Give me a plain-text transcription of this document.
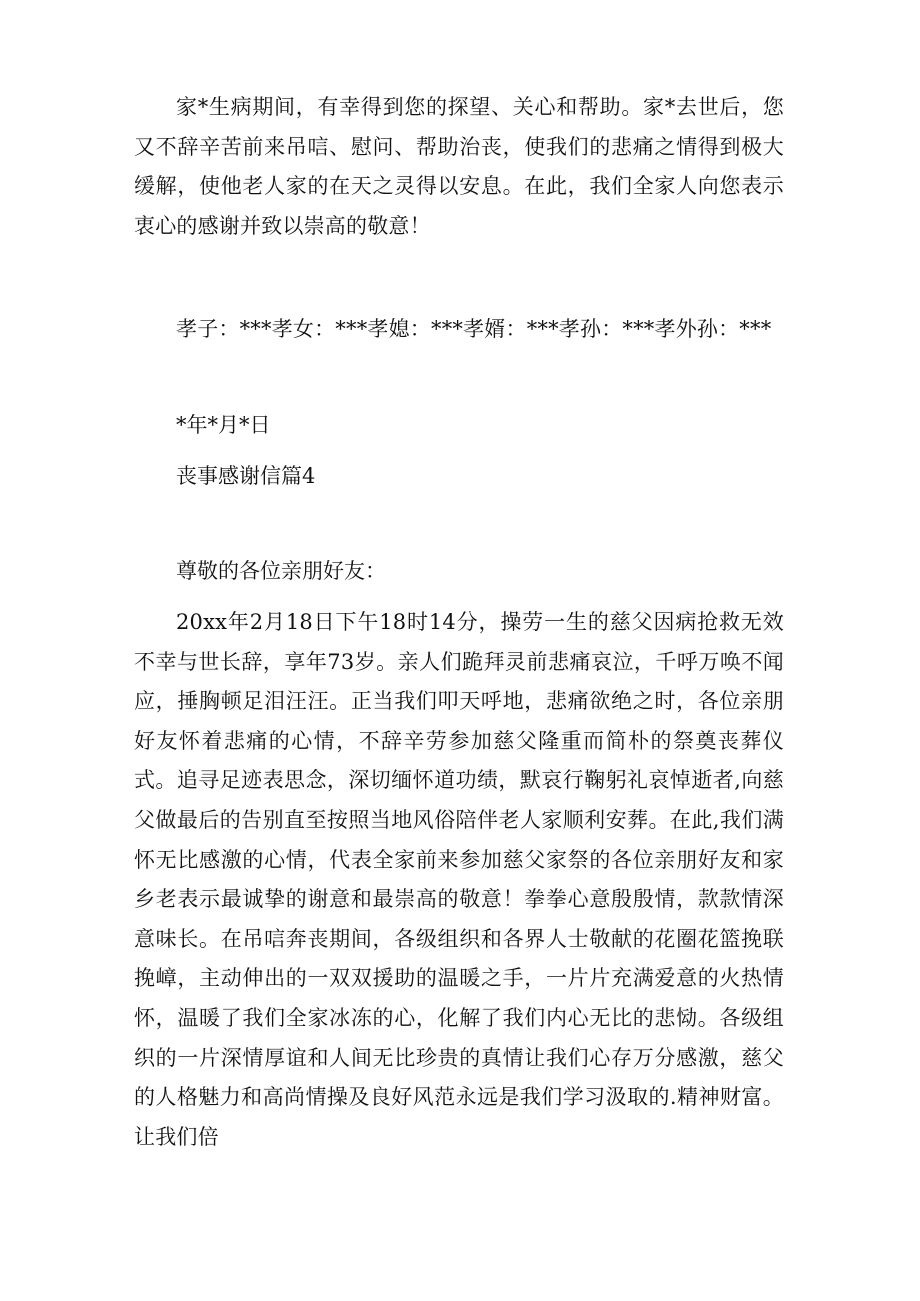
家*生病期间，有幸得到您的探望、关心和帮助。家*去世后，您又不辞辛苦前来吊唁、慰问、帮助治丧，使我们的悲痛之情得到极大缓解，使他老人家的在天之灵得以安息。在此，我们全家人向您表示衷心的感谢并致以崇高的敬意！

孝子：***孝女：***孝媳：***孝婿：***孝孙：***孝外孙：***

*年*月*日

丧事感谢信篇4

尊敬的各位亲朋好友：

20xx年2月18日下午18时14分，操劳一生的慈父因病抢救无效不幸与世长辞，享年73岁。亲人们跪拜灵前悲痛哀泣，千呼万唤不闻应，捶胸顿足泪汪汪。正当我们叩天呼地，悲痛欲绝之时，各位亲朋好友怀着悲痛的心情，不辞辛劳参加慈父隆重而简朴的祭奠丧葬仪式。追寻足迹表思念，深切缅怀道功绩，默哀行鞠躬礼哀悼逝者,向慈父做最后的告别直至按照当地风俗陪伴老人家顺利安葬。在此,我们满怀无比感激的心情，代表全家前来参加慈父家祭的各位亲朋好友和家乡老表示最诚挚的谢意和最崇高的敬意！拳拳心意殷殷情，款款情深意味长。在吊唁奔丧期间，各级组织和各界人士敬献的花圈花篮挽联挽嶂，主动伸出的一双双援助的温暖之手，一片片充满爱意的火热情怀，温暖了我们全家冰冻的心，化解了我们内心无比的悲恸。各级组织的一片深情厚谊和人间无比珍贵的真情让我们心存万分感激，慈父的人格魅力和高尚情操及良好风范永远是我们学习汲取的.精神财富。让我们倍
